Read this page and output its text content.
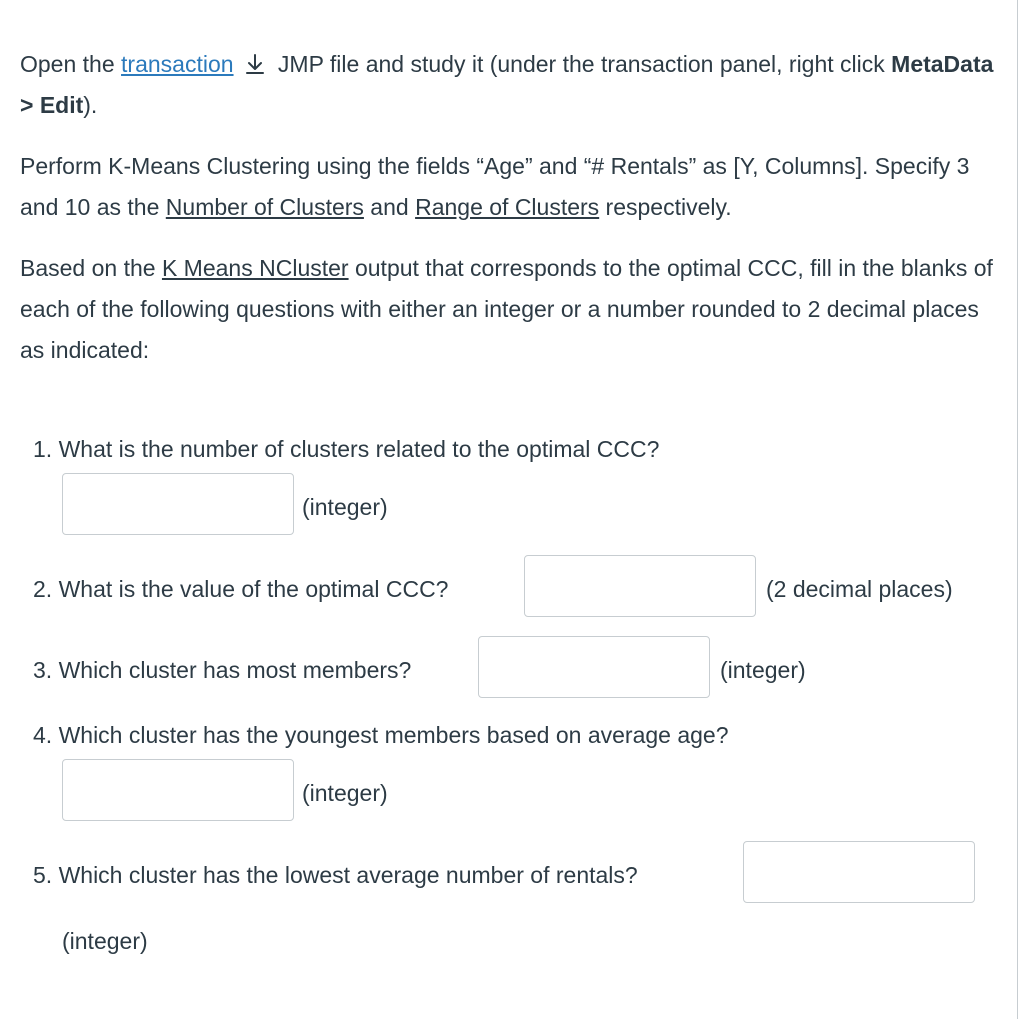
Open the transaction JMP file and study it (under the transaction panel, right click MetaData > Edit).

Perform K-Means Clustering using the fields “Age” and “# Rentals” as [Y, Columns]. Specify 3 and 10 as the Number of Clusters and Range of Clusters respectively.

Based on the K Means NCluster output that corresponds to the optimal CCC, fill in the blanks of each of the following questions with either an integer or a number rounded to 2 decimal places as indicated:

1. What is the number of clusters related to the optimal CCC?
(integer)
2. What is the value of the optimal CCC?	(2 decimal places)
3. Which cluster has most members?	(integer)
4. Which cluster has the youngest members based on average age?
(integer)
5. Which cluster has the lowest average number of rentals?
(integer)
